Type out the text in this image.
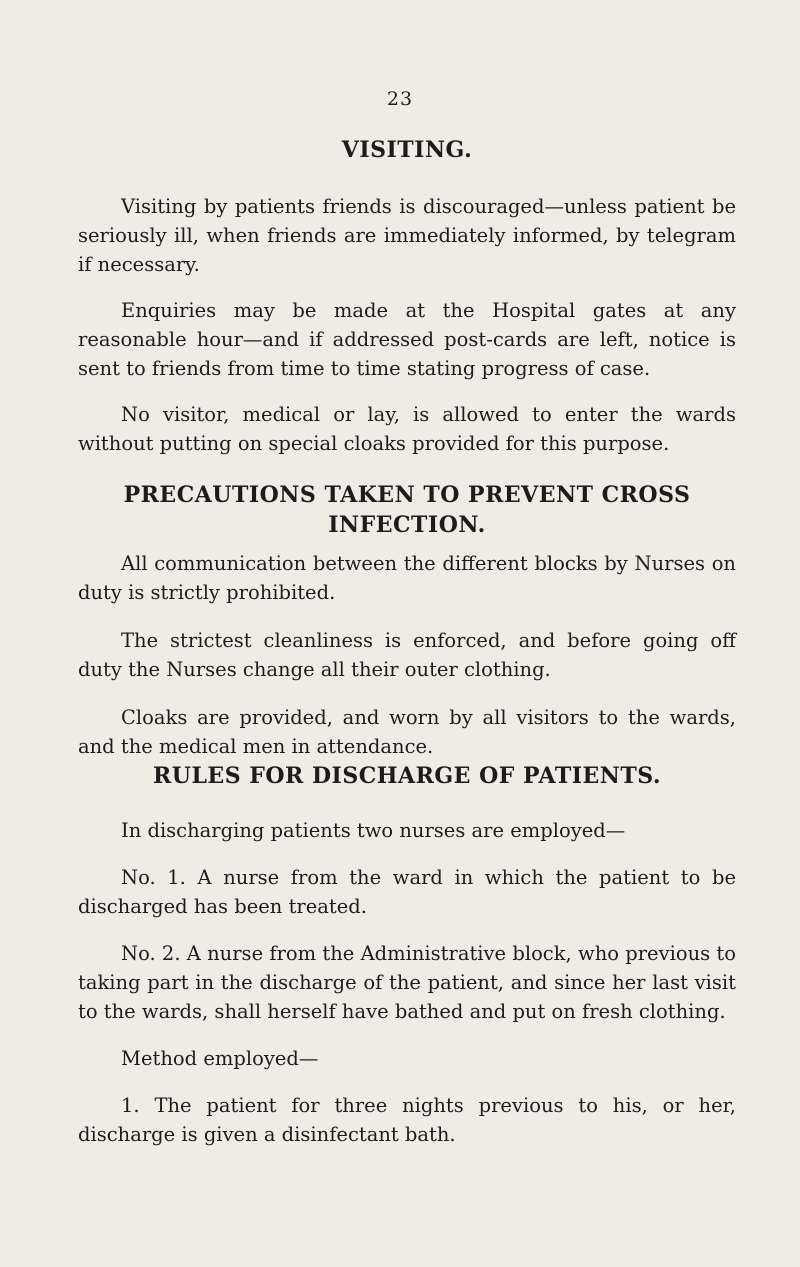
23
VISITING.

Visiting by patients friends is discouraged—unless patient be seriously ill, when friends are immediately informed, by telegram if necessary.

Enquiries may be made at the Hospital gates at any reasonable hour—and if addressed post-cards are left, notice is sent to friends from time to time stating progress of case.

No visitor, medical or lay, is allowed to enter the wards without putting on special cloaks provided for this purpose.

PRECAUTIONS TAKEN TO PREVENT CROSS INFECTION.

All communication between the different blocks by Nurses on duty is strictly prohibited.

The strictest cleanliness is enforced, and before going off duty the Nurses change all their outer clothing.

Cloaks are provided, and worn by all visitors to the wards, and the medical men in attendance.

RULES FOR DISCHARGE OF PATIENTS.

In discharging patients two nurses are employed—

No. 1. A nurse from the ward in which the patient to be discharged has been treated.

No. 2. A nurse from the Administrative block, who previous to taking part in the discharge of the patient, and since her last visit to the wards, shall herself have bathed and put on fresh clothing.

Method employed—

1. The patient for three nights previous to his, or her, discharge is given a disinfectant bath.
